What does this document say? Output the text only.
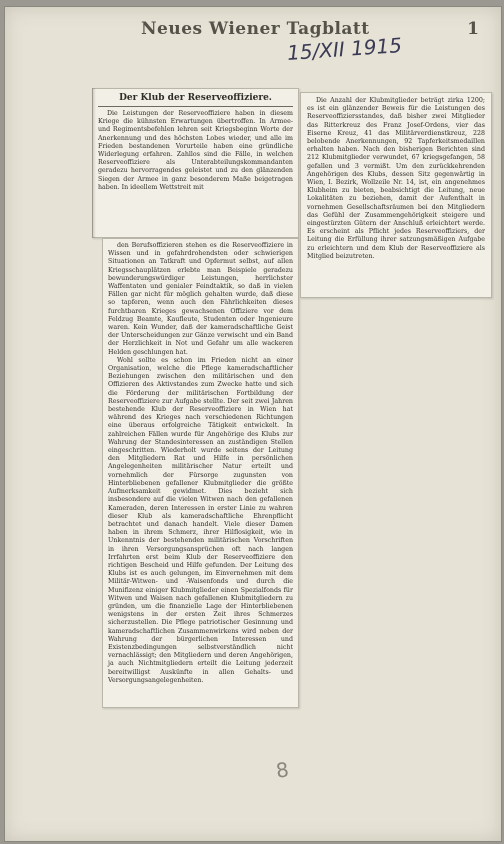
Neues Wiener Tagblatt	1
15/XII 1915
Der Klub der Reserveoffiziere.

Die Leistungen der Reserveoffiziere haben in diesem Kriege die kühnsten Erwartungen übertroffen. In Armee- und Regimentsbefehlen lehren seit Kriegsbeginn Worte der Anerkennung und des höchsten Lobes wieder, und alle im Frieden bestandenen Vorurteile haben eine gründliche Widerlegung erfahren. Zahllos sind die Fälle, in welchen Reserveoffiziere als Unterabteilungskommandanten geradezu hervorragendes geleistet und zu den glänzenden Siegen der Armee in ganz besonderem Maße beigetragen haben. In ideellem Wettstreit mit

den Berufsoffizieren stehen es die Reserveoffiziere in Wissen und in gefahrdrohendsten oder schwierigen Situationen an Tatkraft und Opfermut selbst, auf allen Kriegsschauplätzen erlebte man Beispiele geradezu bewunderungswürdiger Leistungen, herrlichster Waffentaten und genialer Feindtaktik, so daß in vielen Fällen gar nicht für möglich gehalten wurde, daß diese so tapferen, wenn auch den Fährlichkeiten dieses furchtbaren Krieges gewachsenen Offiziere vor dem Feldzug Beamte, Kaufleute, Studenten oder Ingenieure waren. Kein Wunder, daß der kameradschaftliche Geist der Unterscheidungen zur Gänze verwischt und ein Band der Herzlichkeit in Not und Gefahr um alle wackeren Helden geschlungen hat.

Wohl sollte es schon im Frieden nicht an einer Organisation, welche die Pflege kameradschaftlicher Beziehungen zwischen den militärischen und den Offizieren des Aktivstandes zum Zwecke hatte und sich die Förderung der militärischen Fortbildung der Reserveoffiziere zur Aufgabe stellte. Der seit zwei Jahren bestehende Klub der Reserveoffiziere in Wien hat während des Krieges nach verschiedenen Richtungen eine überaus erfolgreiche Tätigkeit entwickelt. In zahlreichen Fällen wurde für Angehörige des Klubs zur Wahrung der Standesinteressen an zuständigen Stellen eingeschritten. Wiederholt wurde seitens der Leitung den Mitgliedern Rat und Hilfe in persönlichen Angelegenheiten militärischer Natur erteilt und vornehmlich der Fürsorge zugunsten von Hinterbliebenen gefallener Klubmitglieder die größte Aufmerksamkeit gewidmet. Dies bezieht sich insbesondere auf die vielen Witwen nach den gefallenen Kameraden, deren Interessen in erster Linie zu wahren dieser Klub als kameradschaftliche Ehrenpflicht betrachtet und danach handelt. Viele dieser Damen haben in ihrem Schmerz, ihrer Hilflosigkeit, wie in Unkenntnis der bestehenden militärischen Vorschriften in ihren Versorgungsansprüchen oft nach langen Irrfahrten erst beim Klub der Reserveoffiziere den richtigen Bescheid und Hilfe gefunden. Der Leitung des Klubs ist es auch gelungen, im Einvernehmen mit dem Militär-Witwen- und -Waisenfonds und durch die Munifizenz einiger Klubmitglieder einen Spezialfonds für Witwen und Waisen nach gefallenen Klubmitgliedern zu gründen, um die finanzielle Lage der Hinterbliebenen wenigstens in der ersten Zeit ihres Schmerzes sicherzustellen. Die Pflege patriotischer Gesinnung und kameradschaftlichen Zusammenwirkens wird neben der Wahrung der bürgerlichen Interessen und Existenzbedingungen selbstverständlich nicht vernachlässigt; den Mitgliedern und deren Angehörigen, ja auch Nichtmitgliedern erteilt die Leitung jederzeit bereitwilligst Auskünfte in allen Gehalts- und Versorgungsangelegenheiten.

Die Anzahl der Klubmitglieder beträgt zirka 1200; es ist ein glänzender Beweis für die Leistungen des Reserveoffiziersstandes, daß bisher zwei Mitglieder das Ritterkreuz des Franz Josef-Ordens, vier das Eiserne Kreuz, 41 das Militärverdienstkreuz, 228 belobende Anerkennungen, 92 Tapferkeitsmedaillen erhalten haben. Nach den bisherigen Berichten sind 212 Klubmitglieder verwundet, 67 kriegsgefangen, 58 gefallen und 3 vermißt. Um den zurückkehrenden Angehörigen des Klubs, dessen Sitz gegenwärtig in Wien, I. Bezirk, Wollzeile Nr. 14, ist, ein angenehmes Klubheim zu bieten, beabsichtigt die Leitung, neue Lokalitäten zu beziehen, damit der Aufenthalt in vornehmen Gesellschaftsräumen bei den Mitgliedern das Gefühl der Zusammengehörigkeit steigere und eingestürzten Gütern der Anschluß erleichtert werde. Es erscheint als Pflicht jedes Reserveoffiziers, der Leitung die Erfüllung ihrer satzungsmäßigen Aufgabe zu erleichtern und dem Klub der Reserveoffiziere als Mitglied beizutreten.

8
